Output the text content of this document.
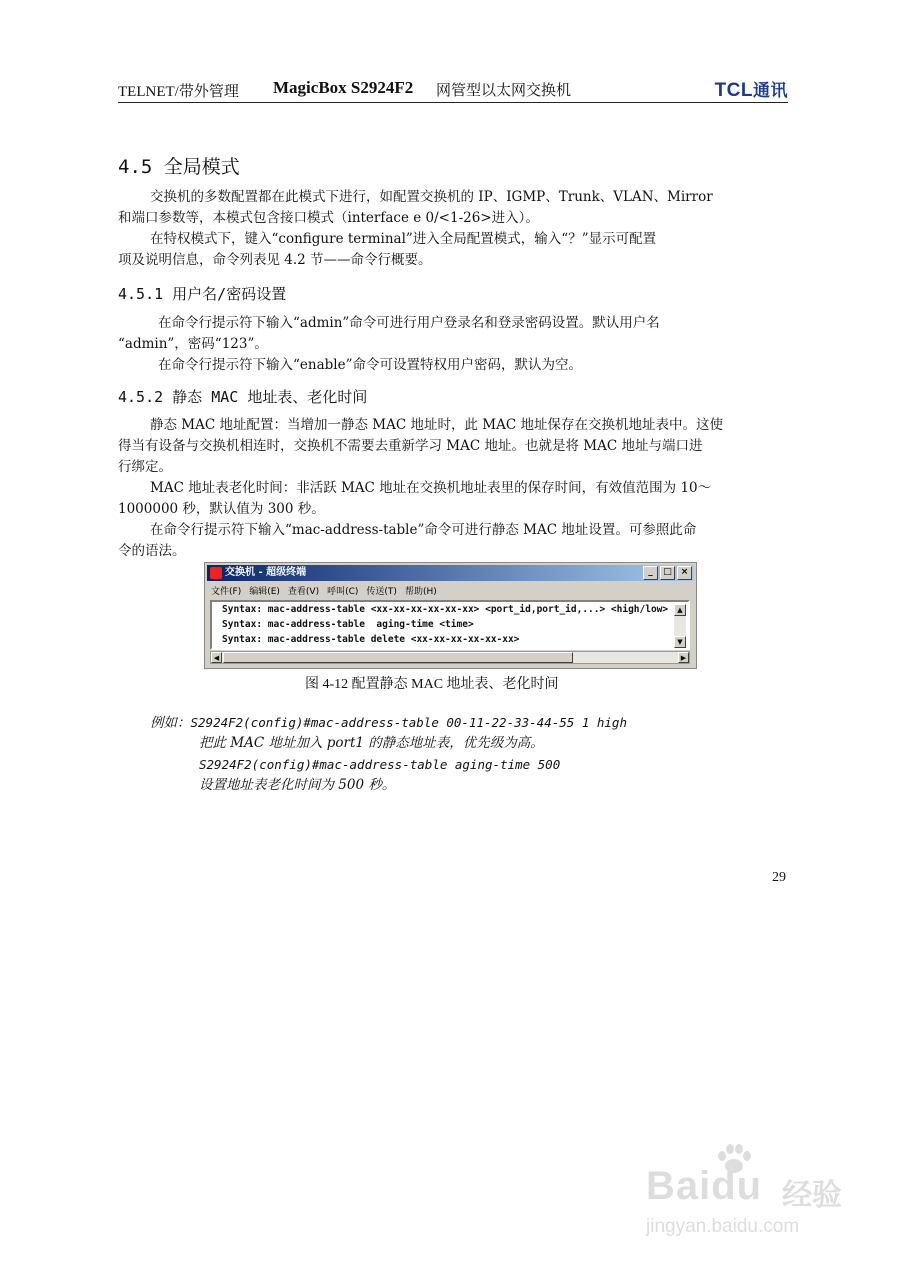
TELNET/带外管理 MagicBox S2924F2 网管型以太网交换机	TCL通讯
4.5 全局模式
交换机的多数配置都在此模式下进行，如配置交换机的 IP、IGMP、Trunk、VLAN、Mirror
和端口参数等，本模式包含接口模式（interface e 0/<1-26>进入）。
在特权模式下，键入“configure terminal”进入全局配置模式，输入“？”显示可配置
项及说明信息，命令列表见 4.2 节——命令行概要。
4.5.1 用户名/密码设置
在命令行提示符下输入“admin”命令可进行用户登录名和登录密码设置。默认用户名
“admin”，密码“123”。
在命令行提示符下输入“enable”命令可设置特权用户密码，默认为空。
4.5.2 静态 MAC 地址表、老化时间
静态 MAC 地址配置：当增加一静态 MAC 地址时，此 MAC 地址保存在交换机地址表中。这使
得当有设备与交换机相连时，交换机不需要去重新学习 MAC 地址。也就是将 MAC 地址与端口进
行绑定。
MAC 地址表老化时间：非活跃 MAC 地址在交换机地址表里的保存时间，有效值范围为 10～
1000000 秒，默认值为 300 秒。
在命令行提示符下输入“mac-address-table”命令可进行静态 MAC 地址设置。可参照此命
令的语法。
交换机 - 超级终端	_	□ ×
文件(F) 编辑(E) 查看(V) 呼叫(C) 传送(T) 帮助(H)
Syntax: mac-address-table <xx-xx-xx-xx-xx-xx> <port_id,port_id,...> <high/low>
Syntax: mac-address-table  aging-time <time>
Syntax: mac-address-table delete <xx-xx-xx-xx-xx-xx>
▲
▼
◀	▶
图 4-12 配置静态 MAC 地址表、老化时间
例如：S2924F2(config)#mac-address-table 00-11-22-33-44-55 1 high
把此 MAC 地址加入 port1 的静态地址表，优先级为高。
S2924F2(config)#mac-address-table aging-time 500
设置地址表老化时间为 500 秒。
29
Baidu 经验
jingyan.baidu.com
